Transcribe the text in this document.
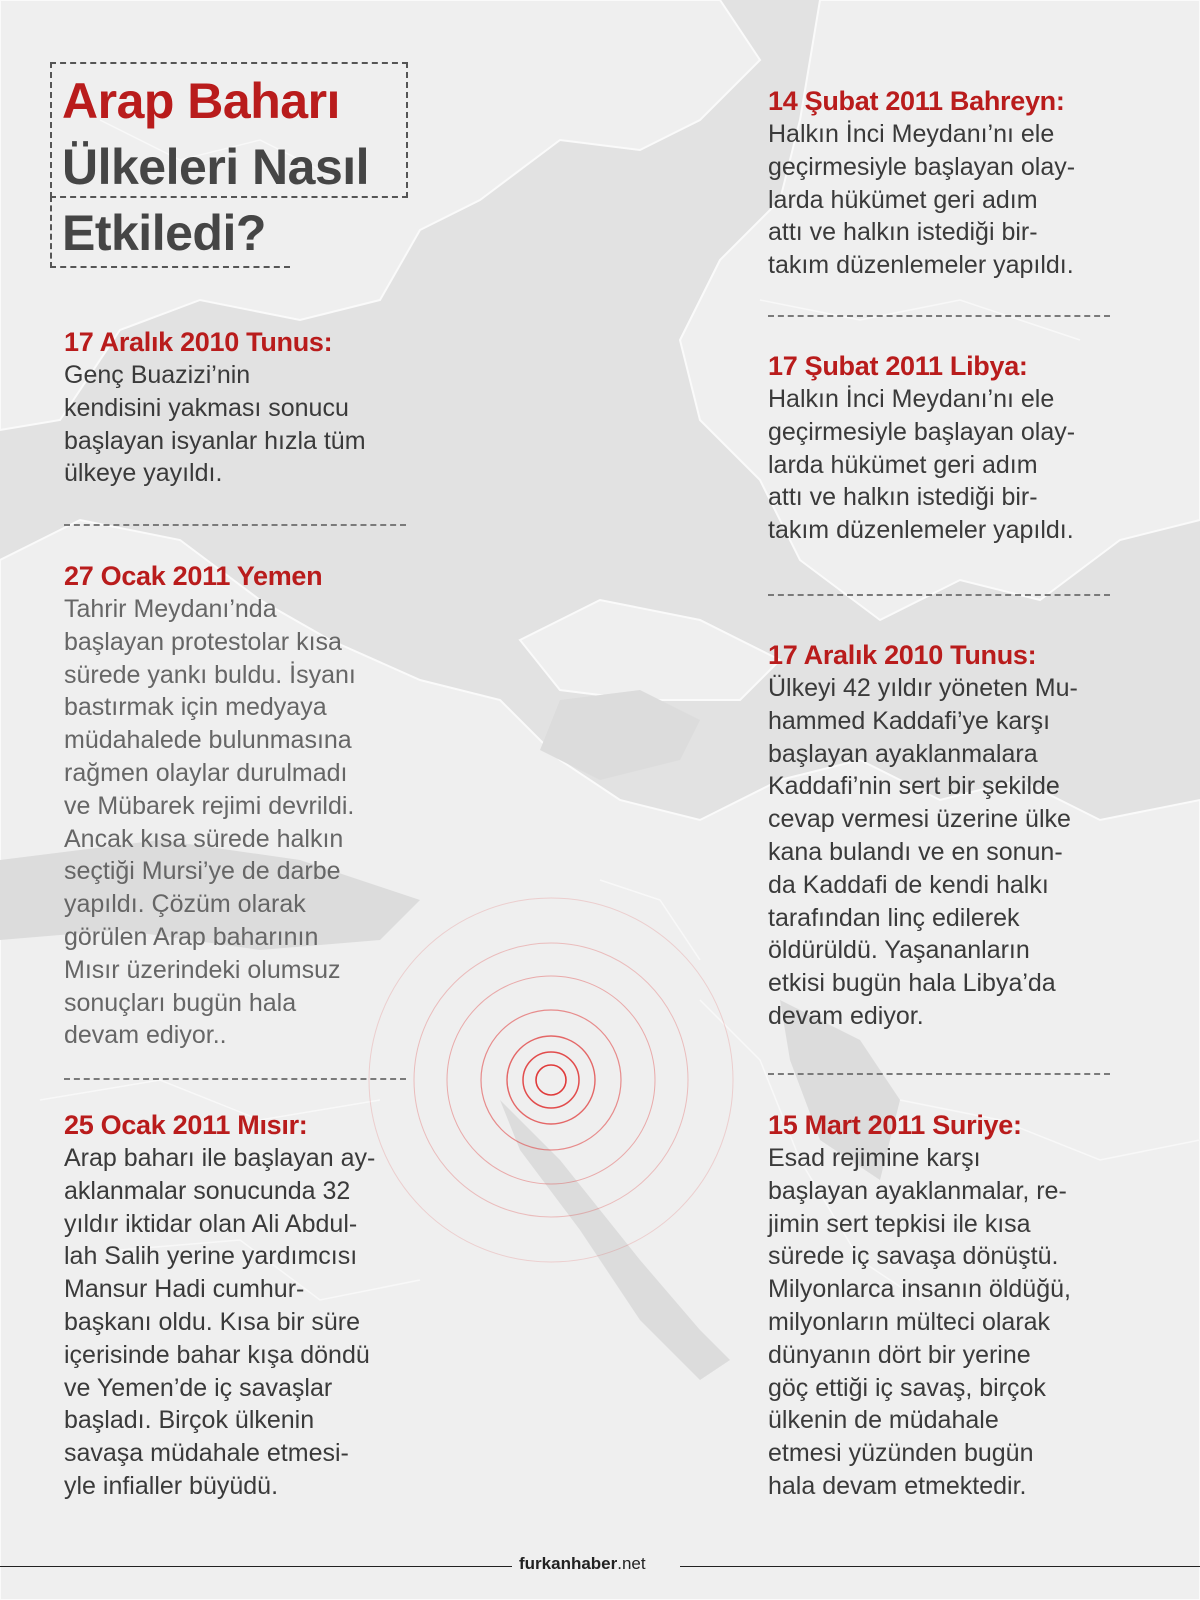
Arap Baharı
Ülkeleri Nasıl
Etkiledi?
17 Aralık 2010 Tunus:

Genç Buazizi’nin
kendisini yakması sonucu
başlayan isyanlar hızla tüm
ülkeye yayıldı.

27 Ocak 2011 Yemen

Tahrir Meydanı’nda
başlayan protestolar kısa
sürede yankı buldu. İsyanı
bastırmak için medyaya
müdahalede bulunmasına
rağmen olaylar durulmadı
ve Mübarek rejimi devrildi.
Ancak kısa sürede halkın
seçtiği Mursi’ye de darbe
yapıldı. Çözüm olarak
görülen Arap baharının
Mısır üzerindeki olumsuz
sonuçları bugün hala
devam ediyor..

25 Ocak 2011 Mısır:

Arap baharı ile başlayan ay-
aklanmalar sonucunda 32
yıldır iktidar olan Ali Abdul-
lah Salih yerine yardımcısı
Mansur Hadi cumhur-
başkanı oldu. Kısa bir süre
içerisinde bahar kışa döndü
ve Yemen’de iç savaşlar
başladı. Birçok ülkenin
savaşa müdahale etmesi-
yle infialler büyüdü.

14 Şubat 2011 Bahreyn:

Halkın İnci Meydanı’nı ele
geçirmesiyle başlayan olay-
larda hükümet geri adım
attı ve halkın istediği bir-
takım düzenlemeler yapıldı.

17 Şubat 2011 Libya:

Halkın İnci Meydanı’nı ele
geçirmesiyle başlayan olay-
larda hükümet geri adım
attı ve halkın istediği bir-
takım düzenlemeler yapıldı.

17 Aralık 2010 Tunus:

Ülkeyi 42 yıldır yöneten Mu-
hammed Kaddafi’ye karşı
başlayan ayaklanmalara
Kaddafi’nin sert bir şekilde
cevap vermesi üzerine ülke
kana bulandı ve en sonun-
da Kaddafi de kendi halkı
tarafından linç edilerek
öldürüldü. Yaşananların
etkisi bugün hala Libya’da
devam ediyor.

15 Mart 2011 Suriye:

Esad rejimine karşı
başlayan ayaklanmalar, re-
jimin sert tepkisi ile kısa
sürede iç savaşa dönüştü.
Milyonlarca insanın öldüğü,
milyonların mülteci olarak
dünyanın dört bir yerine
göç ettiği iç savaş, birçok
ülkenin de müdahale
etmesi yüzünden bugün
hala devam etmektedir.

furkanhaber.net
